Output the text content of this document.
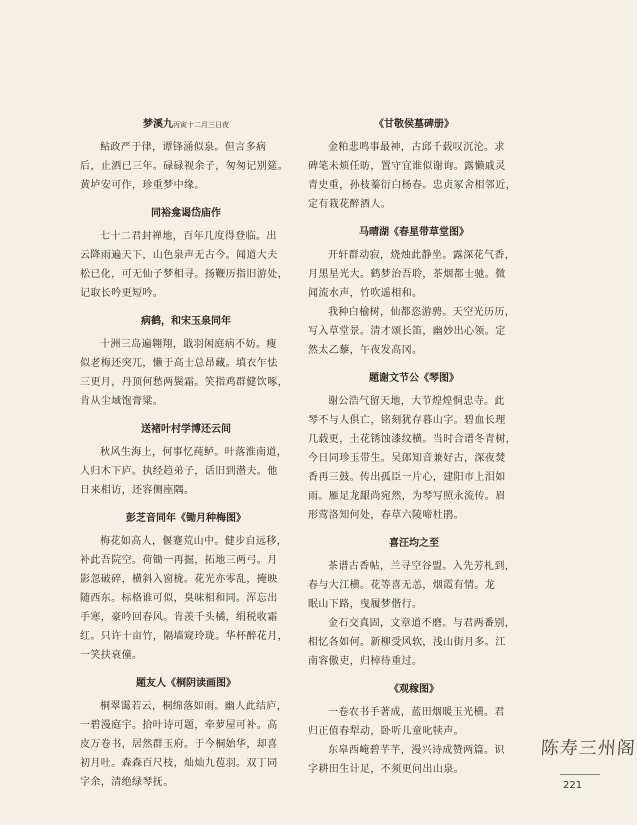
梦溪九丙寅十二月三日夜
鲇政严于律，谭锋涌似泉。但言多病
后，止酒已三年。碌碌视余子，匆匆记别筵。
黄垆安可作，珍重梦中缘。
同裕龛谒岱庙作
七十二君封禅地，百年几度得登临。出
云降雨遍天下，山色泉声无古今。闻道大夫
松已化，可无仙子梦相寻。扬鞭历指旧游处，
记取长吟更短吟。
病鹤，和宋玉泉同年
十洲三岛遍翱翔，戢羽闲庭病不妨。瘦
似老梅还突兀，懒于高士总昂藏。填衣乍怯
三更月，丹顶何愁两鬓霜。笑指鸡群健饮啄，
肯从尘域饱膏粱。
送褚叶村学博还云间
秋风生海上，何事忆莼鲈。叶落淮南道，
人归木下庐。执经趋弟子，话旧到潜夫。他
日来相访，还容侧座隅。
彭芝音同年《锄月种梅图》
梅花如高人，偃蹇荒山中。健步自远移，
补此吾院空。荷锄一再掘，拓地三两弓。月
影忽破碎，横斜入窗栊。花光亦零乱，掩映
随西东。标格谁可似，臭味相和同。浑忘出
手寒，豪吟回春风。肯羡千头橘，绢税收霜
红。只许十亩竹，隔墙窥玲珑。华杯醉花月，
一笑扶衰僮。
题友人《桐阴读画图》
桐翠霭若云，桐绵落如雨。幽人此结庐，
一碧漫庭宇。拾叶诗可题，牵萝屋可补。高
皮万卷书，居然群玉府。于今桐始华，却喜
初月吐。森森百尺枝，灿灿九苞羽。双丁同
字余，清绝绿琴抚。
《甘敬侯墓碑册》
金粕悲鸣事最神，古邱千载叹沉沦。求
碑笔未烦任昉，置守宜谁似谢询。露懒戚灵
青史重，孙枝蓁衍白杨春。忠贞冢舍相邻近，
定有栽花醉酒人。
马晴湖《春星带草堂图》
开轩群动寂，烧烛此静坐。露深花气香，
月黑星光大。鹤梦治吾聆，茶烟都士驰。微
闻流水声，竹吹遥相和。
我种白榆树，仙都恣游骋。天空光历历，
写入草堂景。清才颂长笛，幽妙出心领。定
然太乙藜，午夜发高冈。
题谢文节公《琴图》
谢公浩气留天地，大节煌煌恫忠寺。此
琴不与人俱亡，铭刻犹存暮山字。碧血长理
几载更，土花锈蚀漆纹横。当时合谱冬青树，
今日同珍玉带生。吴郎知音兼好古，深夜焚
香再三鼓。传出孤臣一片心，建阳市上泪如
雨。雁足龙龈尚宛然，为琴写照永流传。眉
形莺洛知何处，春草六陵啼杜鹃。
喜汪均之至
茶谱古香帖，兰寻空谷盟。入先芳札到，
春与大江横。花等喜无恙，烟霞有情。龙
眠山下路，曳履梦偕行。
金石交真固，文章道不磨。与君两番别，
相忆各如何。新柳受风软，浅山街月多。江
南容傲吏，归棹待重过。
《观稼图》
一卷农书手著成，蓝田烟暖玉光横。君
归正值春犁动，卧听儿童叱犊声。
东皋西崦碧芊芊，漫兴诗成赞两篇。识
字耕田生计足，不须更问出山泉。
陈寿三州阁
221
